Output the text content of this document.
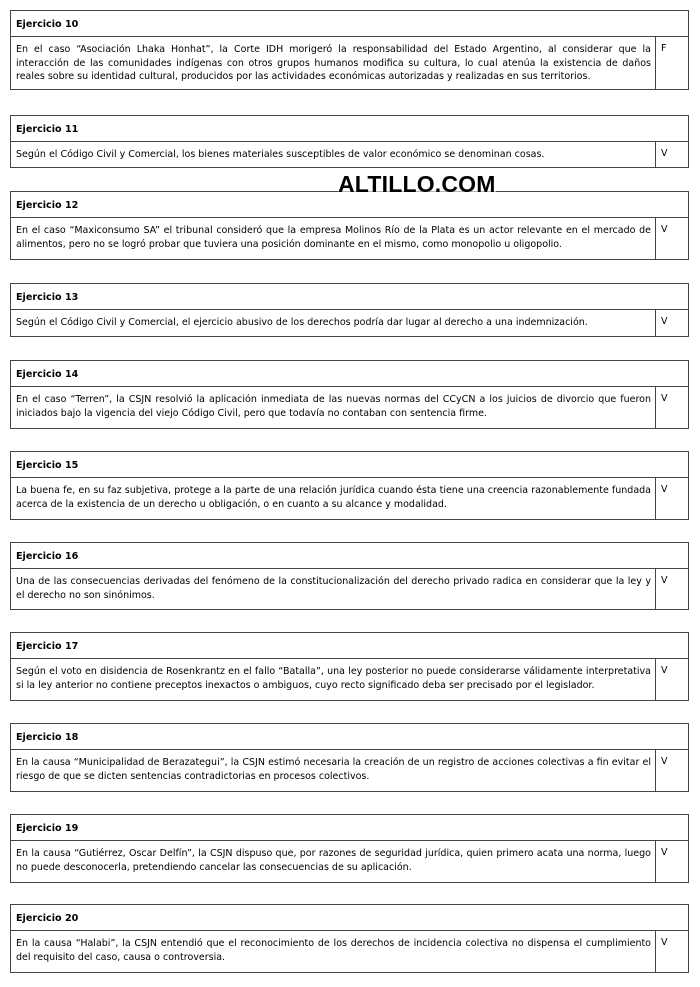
Ejercicio 10
En el caso “Asociación Lhaka Honhat”, la Corte IDH morigeró la responsabilidad del Estado Argentino, al considerar que la interacción de las comunidades indígenas con otros grupos humanos modifica su cultura, lo cual atenúa la existencia de daños reales sobre su identidad cultural, producidos por las actividades económicas autorizadas y realizadas en sus territorios.
F
Ejercicio 11
Según el Código Civil y Comercial, los bienes materiales susceptibles de valor económico se denominan cosas.	V
Ejercicio 12
En el caso “Maxiconsumo SA” el tribunal consideró que la empresa Molinos Río de la Plata es un actor relevante en el mercado de alimentos, pero no se logró probar que tuviera una posición dominante en el mismo, como monopolio u oligopolio.
V
Ejercicio 13
Según el Código Civil y Comercial, el ejercicio abusivo de los derechos podría dar lugar al derecho a una indemnización.	V
Ejercicio 14
En el caso “Terren”, la CSJN resolvió la aplicación inmediata de las nuevas normas del CCyCN a los juicios de divorcio que fueron iniciados bajo la vigencia del viejo Código Civil, pero que todavía no contaban con sentencia firme.
V
Ejercicio 15
La buena fe, en su faz subjetiva, protege a la parte de una relación jurídica cuando ésta tiene una creencia razonablemente fundada acerca de la existencia de un derecho u obligación, o en cuanto a su alcance y modalidad.
V
Ejercicio 16
Una de las consecuencias derivadas del fenómeno de la constitucionalización del derecho privado radica en considerar que la ley y el derecho no son sinónimos.
V
Ejercicio 17
Según el voto en disidencia de Rosenkrantz en el fallo “Batalla”, una ley posterior no puede considerarse válidamente interpretativa si la ley anterior no contiene preceptos inexactos o ambiguos, cuyo recto significado deba ser precisado por el legislador.
V
Ejercicio 18
En la causa “Municipalidad de Berazategui”, la CSJN estimó necesaria la creación de un registro de acciones colectivas a fin evitar el riesgo de que se dicten sentencias contradictorias en procesos colectivos.
V
Ejercicio 19
En la causa “Gutiérrez, Oscar Delfín”, la CSJN dispuso que, por razones de seguridad jurídica, quien primero acata una norma, luego no puede desconocerla, pretendiendo cancelar las consecuencias de su aplicación.
V
Ejercicio 20
En la causa “Halabi”, la CSJN entendió que el reconocimiento de los derechos de incidencia colectiva no dispensa el cumplimiento del requisito del caso, causa o controversia.
V
ALTILLO.COM
